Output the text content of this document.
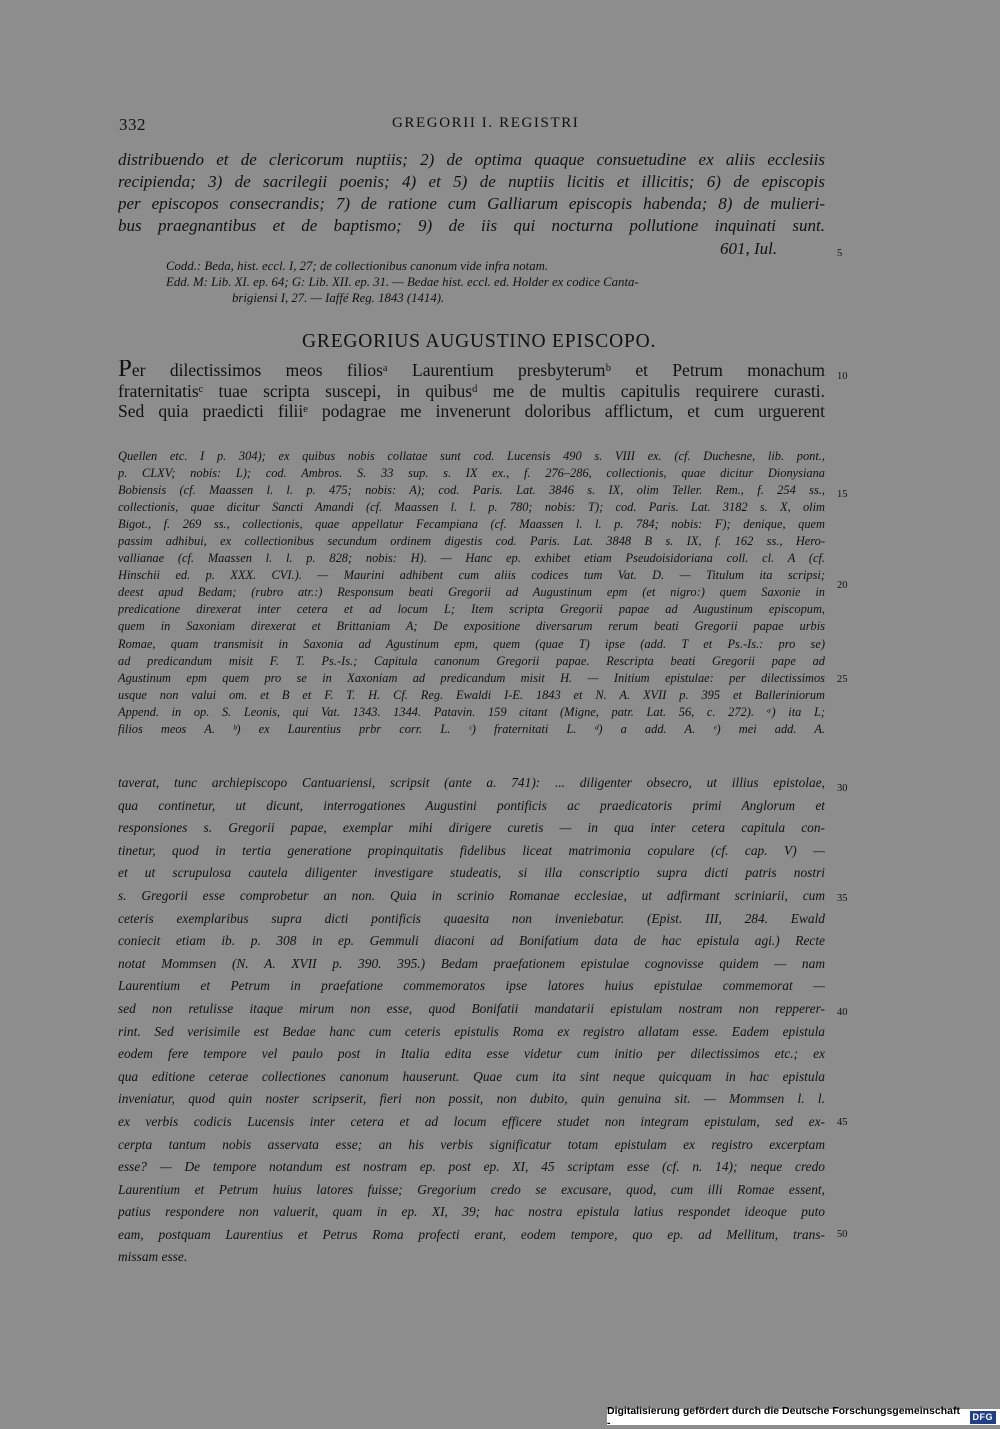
332	GREGORII I. REGISTRI
distribuendo et de clericorum nuptiis; 2) de optima quaque consuetudine ex aliis ecclesiis
recipienda; 3) de sacrilegii poenis; 4) et 5) de nuptiis licitis et illicitis; 6) de episcopis
per episcopos consecrandis; 7) de ratione cum Galliarum episcopis habenda; 8) de mulieri-
bus praegnantibus et de baptismo; 9) de iis qui nocturna pollutione inquinati sunt.
601, Iul.
Codd.: Beda, hist. eccl. I, 27; de collectionibus canonum vide infra notam.
Edd. M: Lib. XI. ep. 64; G: Lib. XII. ep. 31. — Bedae hist. eccl. ed. Holder ex codice Canta-
brigiensi I, 27. — Iaffé Reg. 1843 (1414).
GREGORIUS AUGUSTINO EPISCOPO.
Per dilectissimos meos filiosᵃ Laurentium presbyterumᵇ et Petrum monachum
fraternitatisᶜ tuae scripta suscepi, in quibusᵈ me de multis capitulis requirere curasti.
Sed quia praedicti filiiᵉ podagrae me invenerunt doloribus afflictum, et cum urguerent
Quellen etc. I p. 304); ex quibus nobis collatae sunt cod. Lucensis 490 s. VIII ex. (cf. Duchesne, lib. pont.,
p. CLXV; nobis: L); cod. Ambros. S. 33 sup. s. IX ex., f. 276–286, collectionis, quae dicitur Dionysiana
Bobiensis (cf. Maassen l. l. p. 475; nobis: A); cod. Paris. Lat. 3846 s. IX, olim Teller. Rem., f. 254 ss.,
collectionis, quae dicitur Sancti Amandi (cf. Maassen l. l. p. 780; nobis: T); cod. Paris. Lat. 3182 s. X, olim
Bigot., f. 269 ss., collectionis, quae appellatur Fecampiana (cf. Maassen l. l. p. 784; nobis: F); denique, quem
passim adhibui, ex collectionibus secundum ordinem digestis cod. Paris. Lat. 3848 B s. IX, f. 162 ss., Hero-
vallianae (cf. Maassen l. l. p. 828; nobis: H). — Hanc ep. exhibet etiam Pseudoisidoriana coll. cl. A (cf.
Hinschii ed. p. XXX. CVI.). — Maurini adhibent cum aliis codices tum Vat. D. — Titulum ita scripsi;
deest apud Bedam; (rubro atr.:) Responsum beati Gregorii ad Augustinum epm (et nigro:) quem Saxonie in
predicatione direxerat inter cetera et ad locum L; Item scripta Gregorii papae ad Augustinum episcopum,
quem in Saxoniam direxerat et Brittaniam A; De expositione diversarum rerum beati Gregorii papae urbis
Romae, quam transmisit in Saxonia ad Agustinum epm, quem (quae T) ipse (add. T et Ps.-Is.: pro se)
ad predicandum misit F. T. Ps.-Is.; Capitula canonum Gregorii papae. Rescripta beati Gregorii pape ad
Agustinum epm quem pro se in Xaxoniam ad predicandum misit H. — Initium epistulae: per dilectissimos
usque non valui om. et B et F. T. H. Cf. Reg. Ewaldi I-E. 1843 et N. A. XVII p. 395 et Balleriniorum
Append. in op. S. Leonis, qui Vat. 1343. 1344. Patavin. 159 citant (Migne, patr. Lat. 56, c. 272). ᵃ) ita L;
filios meos A. ᵇ) ex Laurentius prbr corr. L. ᶜ) fraternitati L. ᵈ) a add. A. ᵉ) mei add. A.
taverat, tunc archiepiscopo Cantuariensi, scripsit (ante a. 741): ... diligenter obsecro, ut illius epistolae,
qua continetur, ut dicunt, interrogationes Augustini pontificis ac praedicatoris primi Anglorum et
responsiones s. Gregorii papae, exemplar mihi dirigere curetis — in qua inter cetera capitula con-
tinetur, quod in tertia generatione propinquitatis fidelibus liceat matrimonia copulare (cf. cap. V) —
et ut scrupulosa cautela diligenter investigare studeatis, si illa conscriptio supra dicti patris nostri
s. Gregorii esse comprobetur an non. Quia in scrinio Romanae ecclesiae, ut adfirmant scriniarii, cum
ceteris exemplaribus supra dicti pontificis quaesita non inveniebatur. (Epist. III, 284. Ewald
coniecit etiam ib. p. 308 in ep. Gemmuli diaconi ad Bonifatium data de hac epistula agi.) Recte
notat Mommsen (N. A. XVII p. 390. 395.) Bedam praefationem epistulae cognovisse quidem — nam
Laurentium et Petrum in praefatione commemoratos ipse latores huius epistulae commemorat —
sed non retulisse itaque mirum non esse, quod Bonifatii mandatarii epistulam nostram non repperer-
rint. Sed verisimile est Bedae hanc cum ceteris epistulis Roma ex registro allatam esse. Eadem epistula
eodem fere tempore vel paulo post in Italia edita esse videtur cum initio per dilectissimos etc.; ex
qua editione ceterae collectiones canonum hauserunt. Quae cum ita sint neque quicquam in hac epistula
inveniatur, quod quin noster scripserit, fieri non possit, non dubito, quin genuina sit. — Mommsen l. l.
ex verbis codicis Lucensis inter cetera et ad locum efficere studet non integram epistulam, sed ex-
cerpta tantum nobis asservata esse; an his verbis significatur totam epistulam ex registro excerptam
esse? — De tempore notandum est nostram ep. post ep. XI, 45 scriptam esse (cf. n. 14); neque credo
Laurentium et Petrum huius latores fuisse; Gregorium credo se excusare, quod, cum illi Romae essent,
patius respondere non valuerit, quam in ep. XI, 39; hac nostra epistula latius respondet ideoque puto
eam, postquam Laurentius et Petrus Roma profecti erant, eodem tempore, quo ep. ad Mellitum, trans-
missam esse.
5
10
15
20
25
30
35
40
45
50
Digitalisierung gefördert durch die Deutsche Forschungsgemeinschaft -
DFG
